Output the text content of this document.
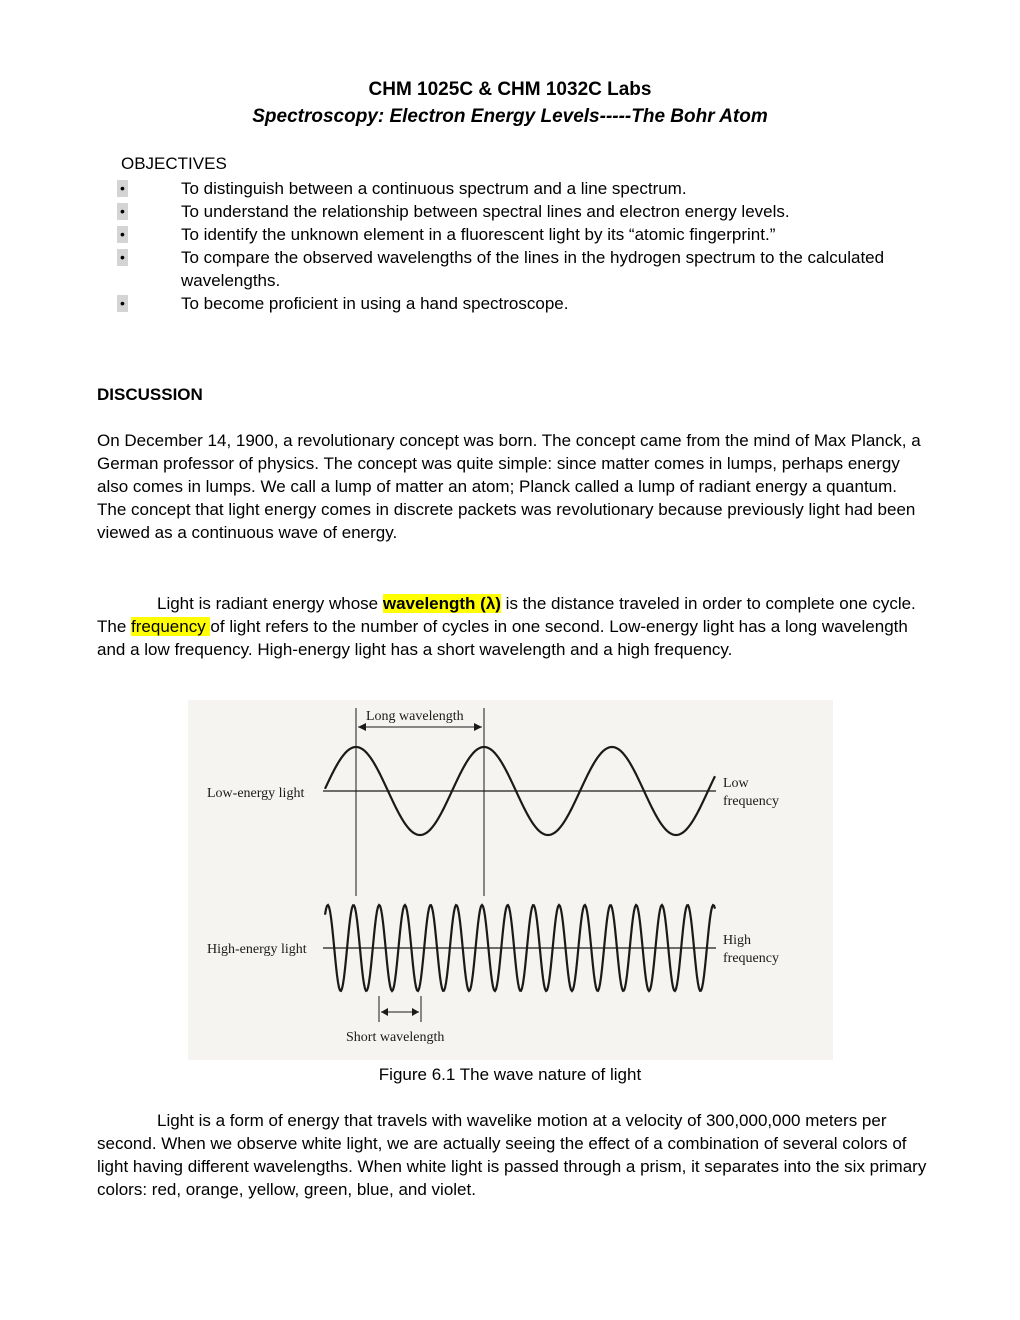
CHM 1025C & CHM 1032C Labs
Spectroscopy: Electron Energy Levels-----The Bohr Atom
OBJECTIVES
•	To distinguish between a continuous spectrum and a line spectrum.
•	To understand the relationship between spectral lines and electron energy levels.
•	To identify the unknown element in a fluorescent light by its “atomic fingerprint.”
•	To compare the observed wavelengths of the lines in the hydrogen spectrum to the calculated wavelengths.
•	To become proficient in using a hand spectroscope.
DISCUSSION
On December 14, 1900, a revolutionary concept was born. The concept came from the mind of Max Planck, a German professor of physics. The concept was quite simple: since matter comes in lumps, perhaps energy also comes in lumps. We call a lump of matter an atom; Planck called a lump of radiant energy a quantum. The concept that light energy comes in discrete packets was revolutionary because previously light had been viewed as a continuous wave of energy.
Light is radiant energy whose wavelength (λ) is the distance traveled in order to complete one cycle. The frequency of light refers to the number of cycles in one second. Low-energy light has a long wavelength and a low frequency. High-energy light has a short wavelength and a high frequency.
Long wavelength
Low-energy light
Low
frequency
High-energy light
High
frequency
Short wavelength
Figure 6.1 The wave nature of light
Light is a form of energy that travels with wavelike motion at a velocity of 300,000,000 meters per second. When we observe white light, we are actually seeing the effect of a combination of several colors of light having different wavelengths. When white light is passed through a prism, it separates into the six primary colors: red, orange, yellow, green, blue, and violet.
